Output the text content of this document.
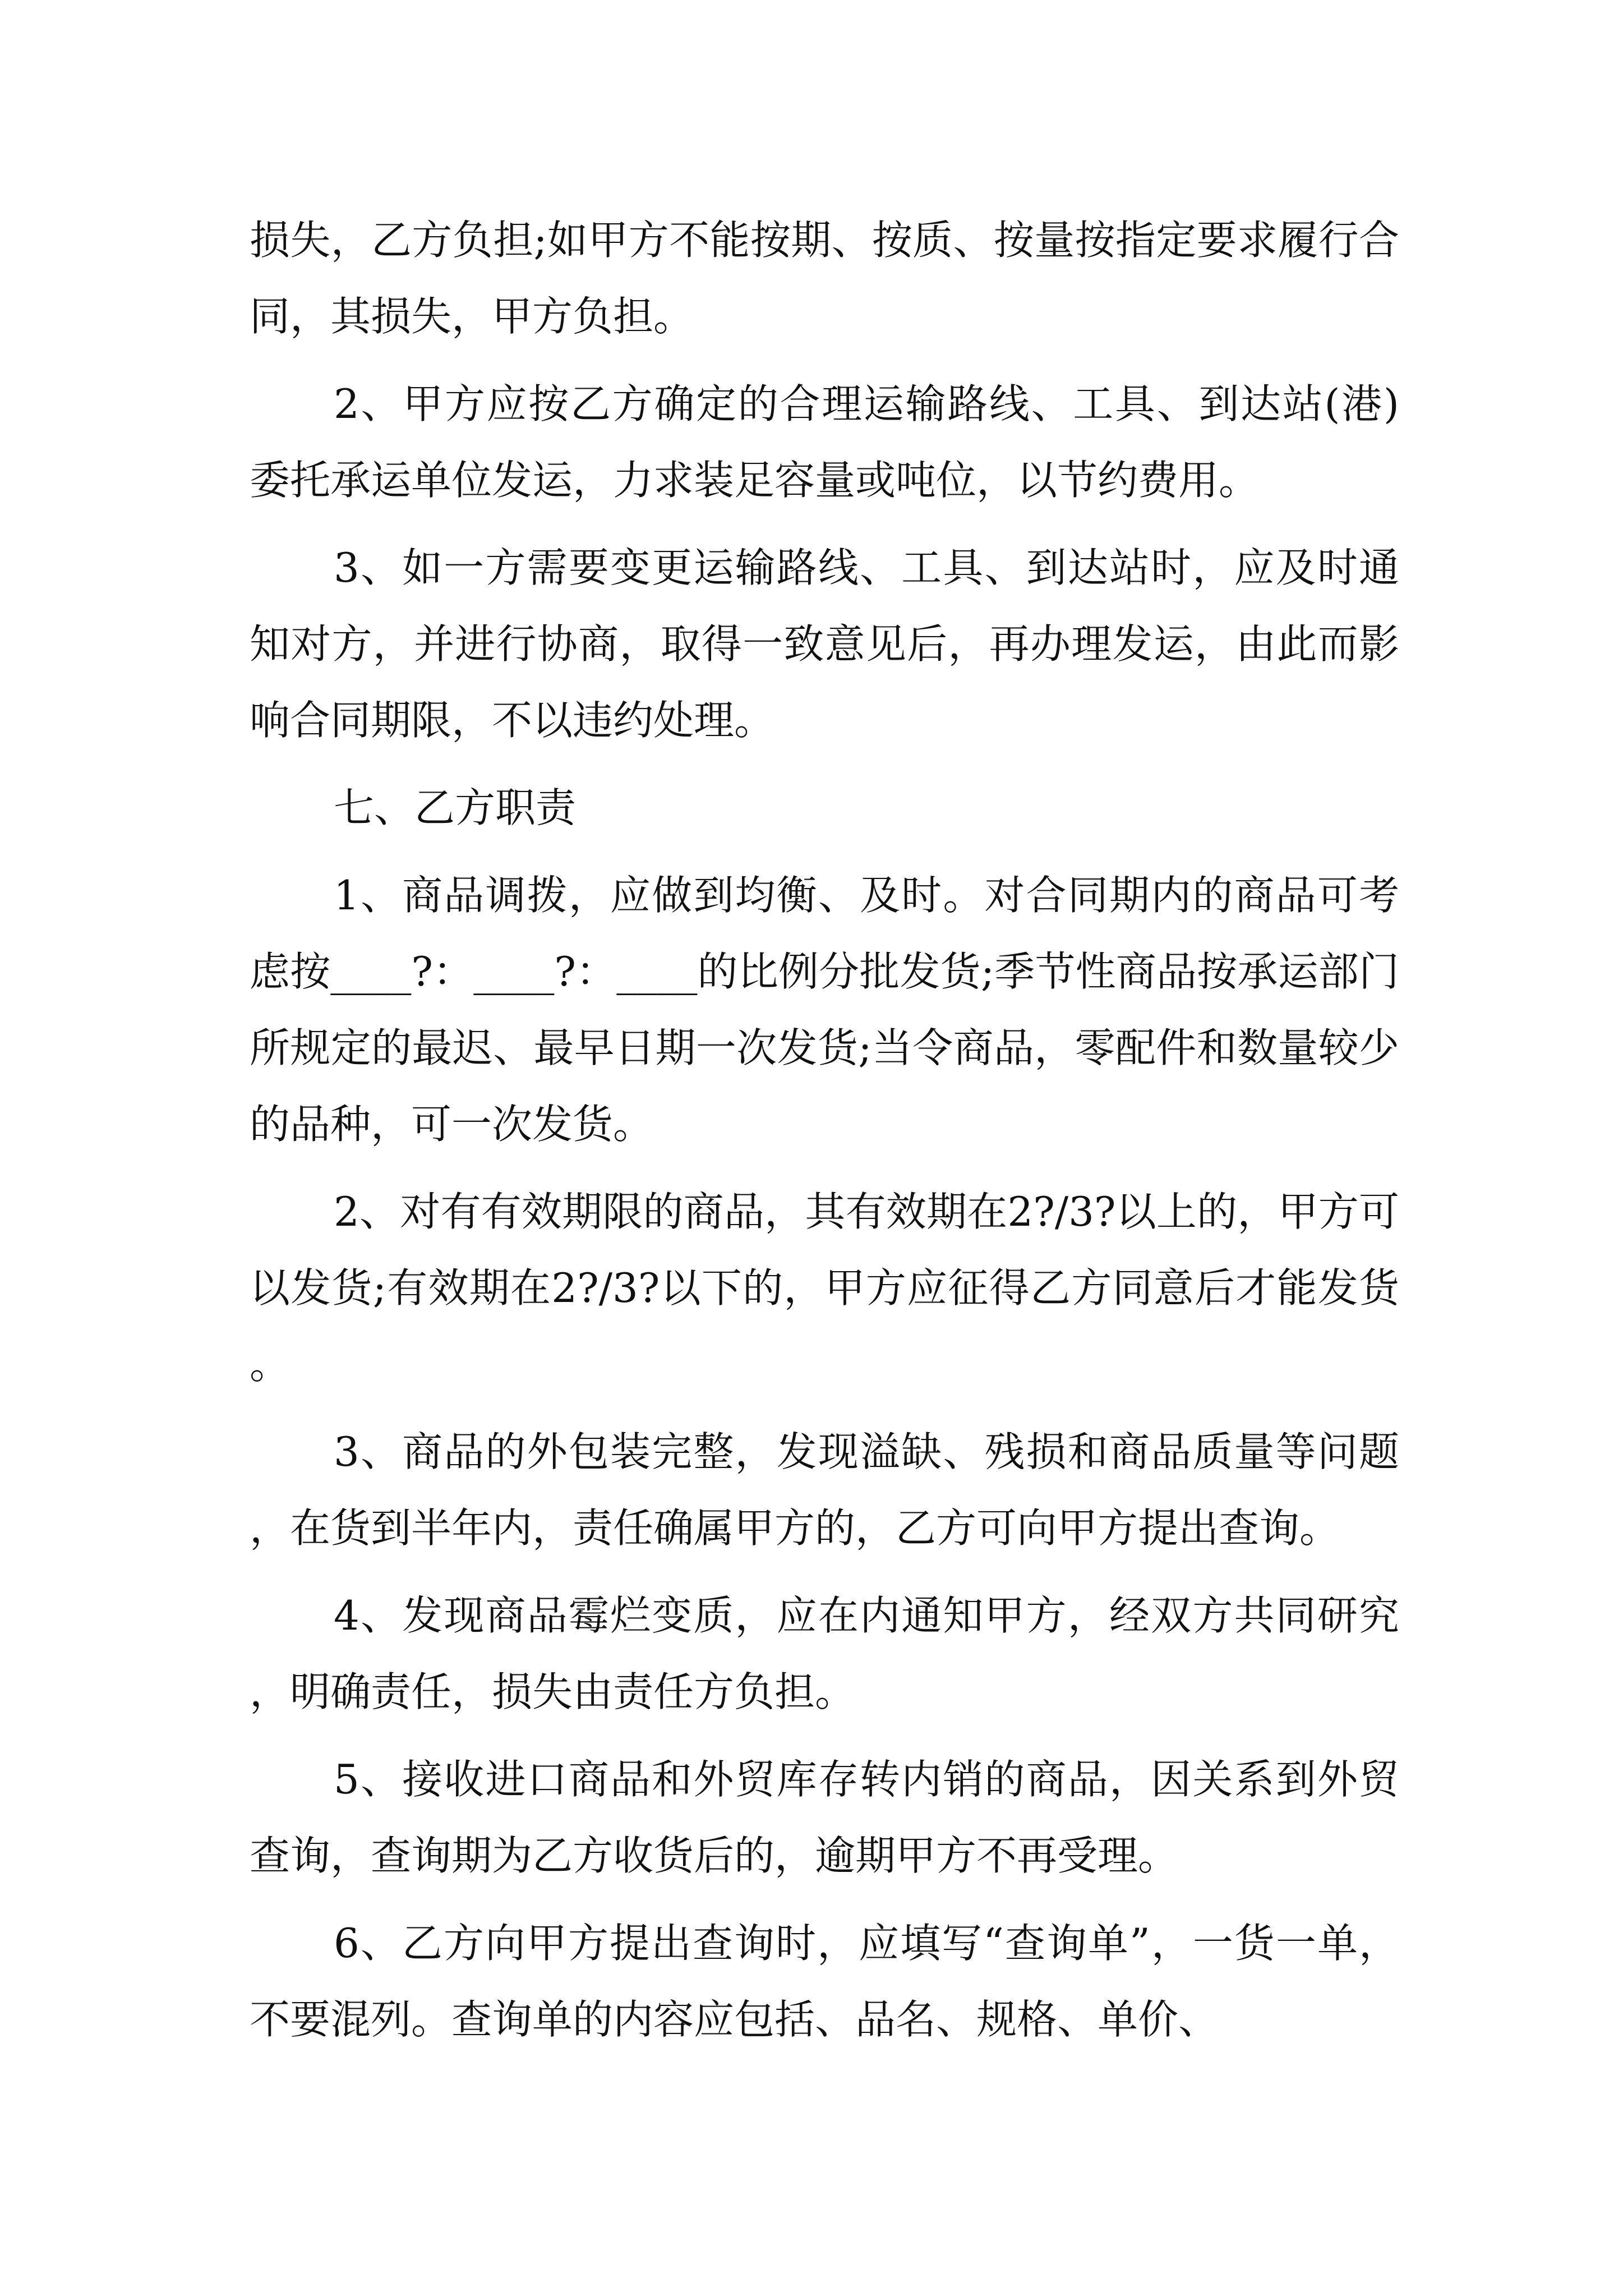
损失，乙方负担;如甲方不能按期、按质、按量按指定要求履行合同，其损失，甲方负担。

2、甲方应按乙方确定的合理运输路线、工具、到达站(港)委托承运单位发运，力求装足容量或吨位，以节约费用。

3、如一方需要变更运输路线、工具、到达站时，应及时通知对方，并进行协商，取得一致意见后，再办理发运，由此而影响合同期限，不以违约处理。

七、乙方职责

1、商品调拨，应做到均衡、及时。对合同期内的商品可考虑按____?：____?：____的比例分批发货;季节性商品按承运部门所规定的最迟、最早日期一次发货;当令商品，零配件和数量较少的品种，可一次发货。

2、对有有效期限的商品，其有效期在2?/3?以上的，甲方可以发货;有效期在2?/3?以下的，甲方应征得乙方同意后才能发货。

3、商品的外包装完整，发现溢缺、残损和商品质量等问题，在货到半年内，责任确属甲方的，乙方可向甲方提出查询。

4、发现商品霉烂变质，应在内通知甲方，经双方共同研究，明确责任，损失由责任方负担。

5、接收进口商品和外贸库存转内销的商品，因关系到外贸查询，查询期为乙方收货后的，逾期甲方不再受理。

6、乙方向甲方提出查询时，应填写“查询单”，一货一单，不要混列。查询单的内容应包括、品名、规格、单价、
